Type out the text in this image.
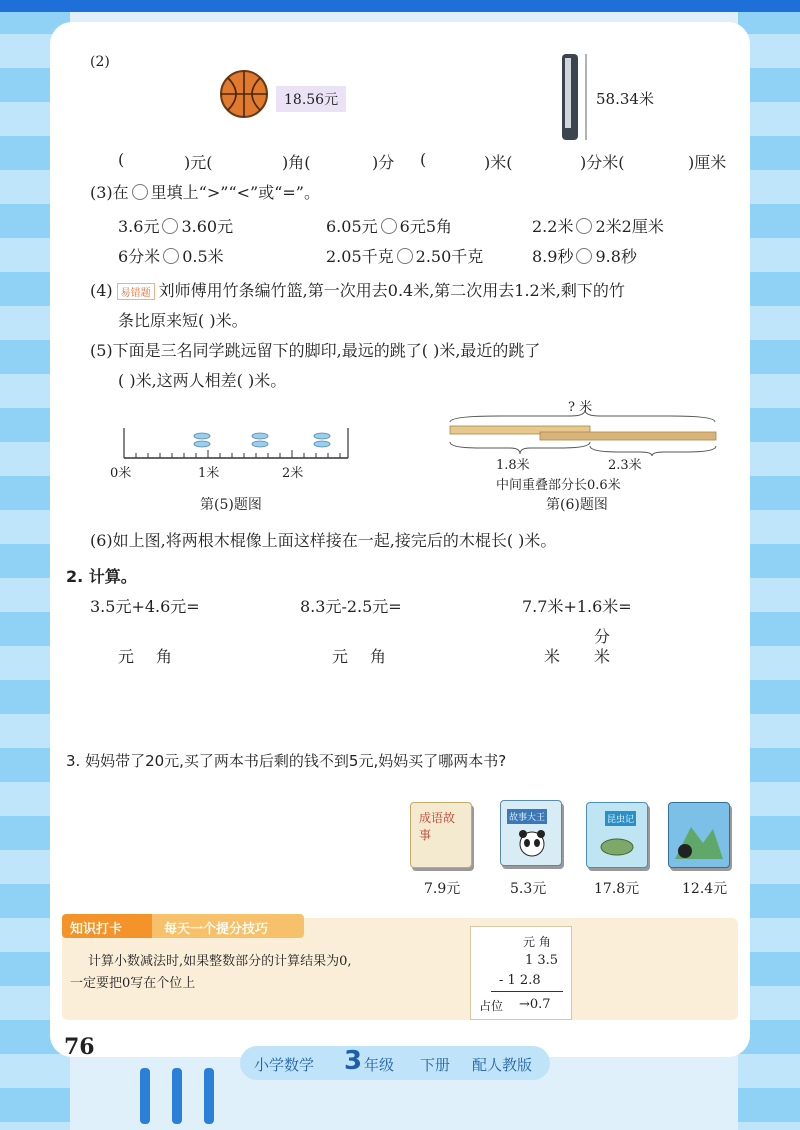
(2)
18.56元	58.34米
(	)元(	)角(	)分 (	)米(	)分米(	)厘米
(3)在 里填上“>”“<”或“=”。
3.6元 3.60元	6.05元 6元5角	2.2米 2米2厘米
6分米 0.5米	2.05千克 2.50千克	8.9秒 9.8秒
(4) 易错题 刘师傅用竹条编竹篮,第一次用去0.4米,第二次用去1.2米,剩下的竹
条比原来短( )米。
(5)下面是三名同学跳远留下的脚印,最远的跳了( )米,最近的跳了
( )米,这两人相差( )米。
0米	1米	2米
第(5)题图
? 米
1.8米	2.3米
中间重叠部分长0.6米
第(6)题图
(6)如上图,将两根木棍像上面这样接在一起,接完后的木棍长( )米。
2. 计算。
3.5元+4.6元=	8.3元-2.5元=	7.7米+1.6米=
元 角	元 角	米
分
米
3. 妈妈带了20元,买了两本书后剩的钱不到5元,妈妈买了哪两本书?
成语故事
故事大王	昆虫记
7.9元	5.3元	17.8元	12.4元
知识打卡	每天一个提分技巧
计算小数减法时,如果整数部分的计算结果为0,
一定要把0写在个位上
元 角
1 3.5
- 1 2.8
占位 →0.7
76
小学数学 3 年级 下册 配人教版
